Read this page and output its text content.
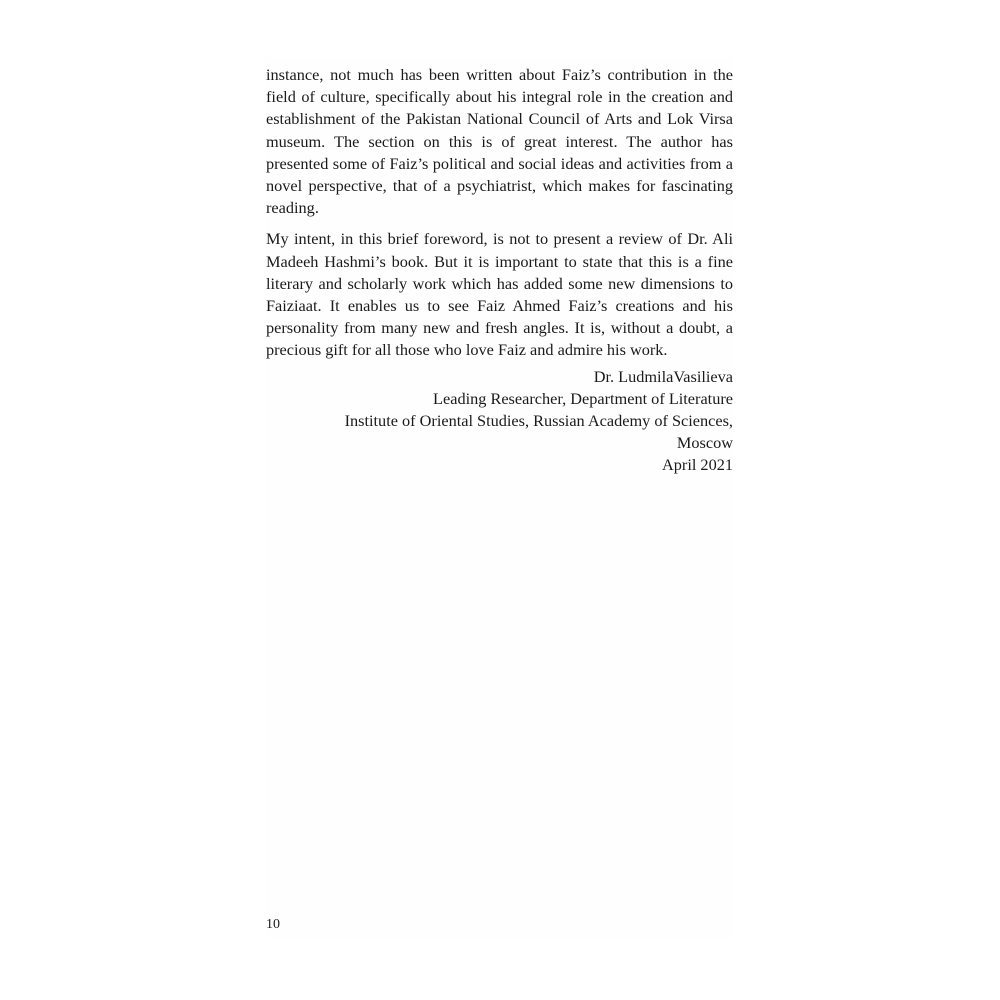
instance, not much has been written about Faiz’s contribution in the field of culture, specifically about his integral role in the creation and establishment of the Pakistan National Council of Arts and Lok Virsa museum. The section on this is of great interest. The author has presented some of Faiz’s political and social ideas and activities from a novel perspective, that of a psychiatrist, which makes for fascinating reading.

My intent, in this brief foreword, is not to present a review of Dr. Ali Madeeh Hashmi’s book. But it is important to state that this is a fine literary and scholarly work which has added some new dimensions to Faiziaat. It enables us to see Faiz Ahmed Faiz’s creations and his personality from many new and fresh angles. It is, without a doubt, a precious gift for all those who love Faiz and admire his work.

Dr. LudmilaVasilieva
Leading Researcher, Department of Literature
Institute of Oriental Studies, Russian Academy of Sciences,
Moscow
April 2021
10
